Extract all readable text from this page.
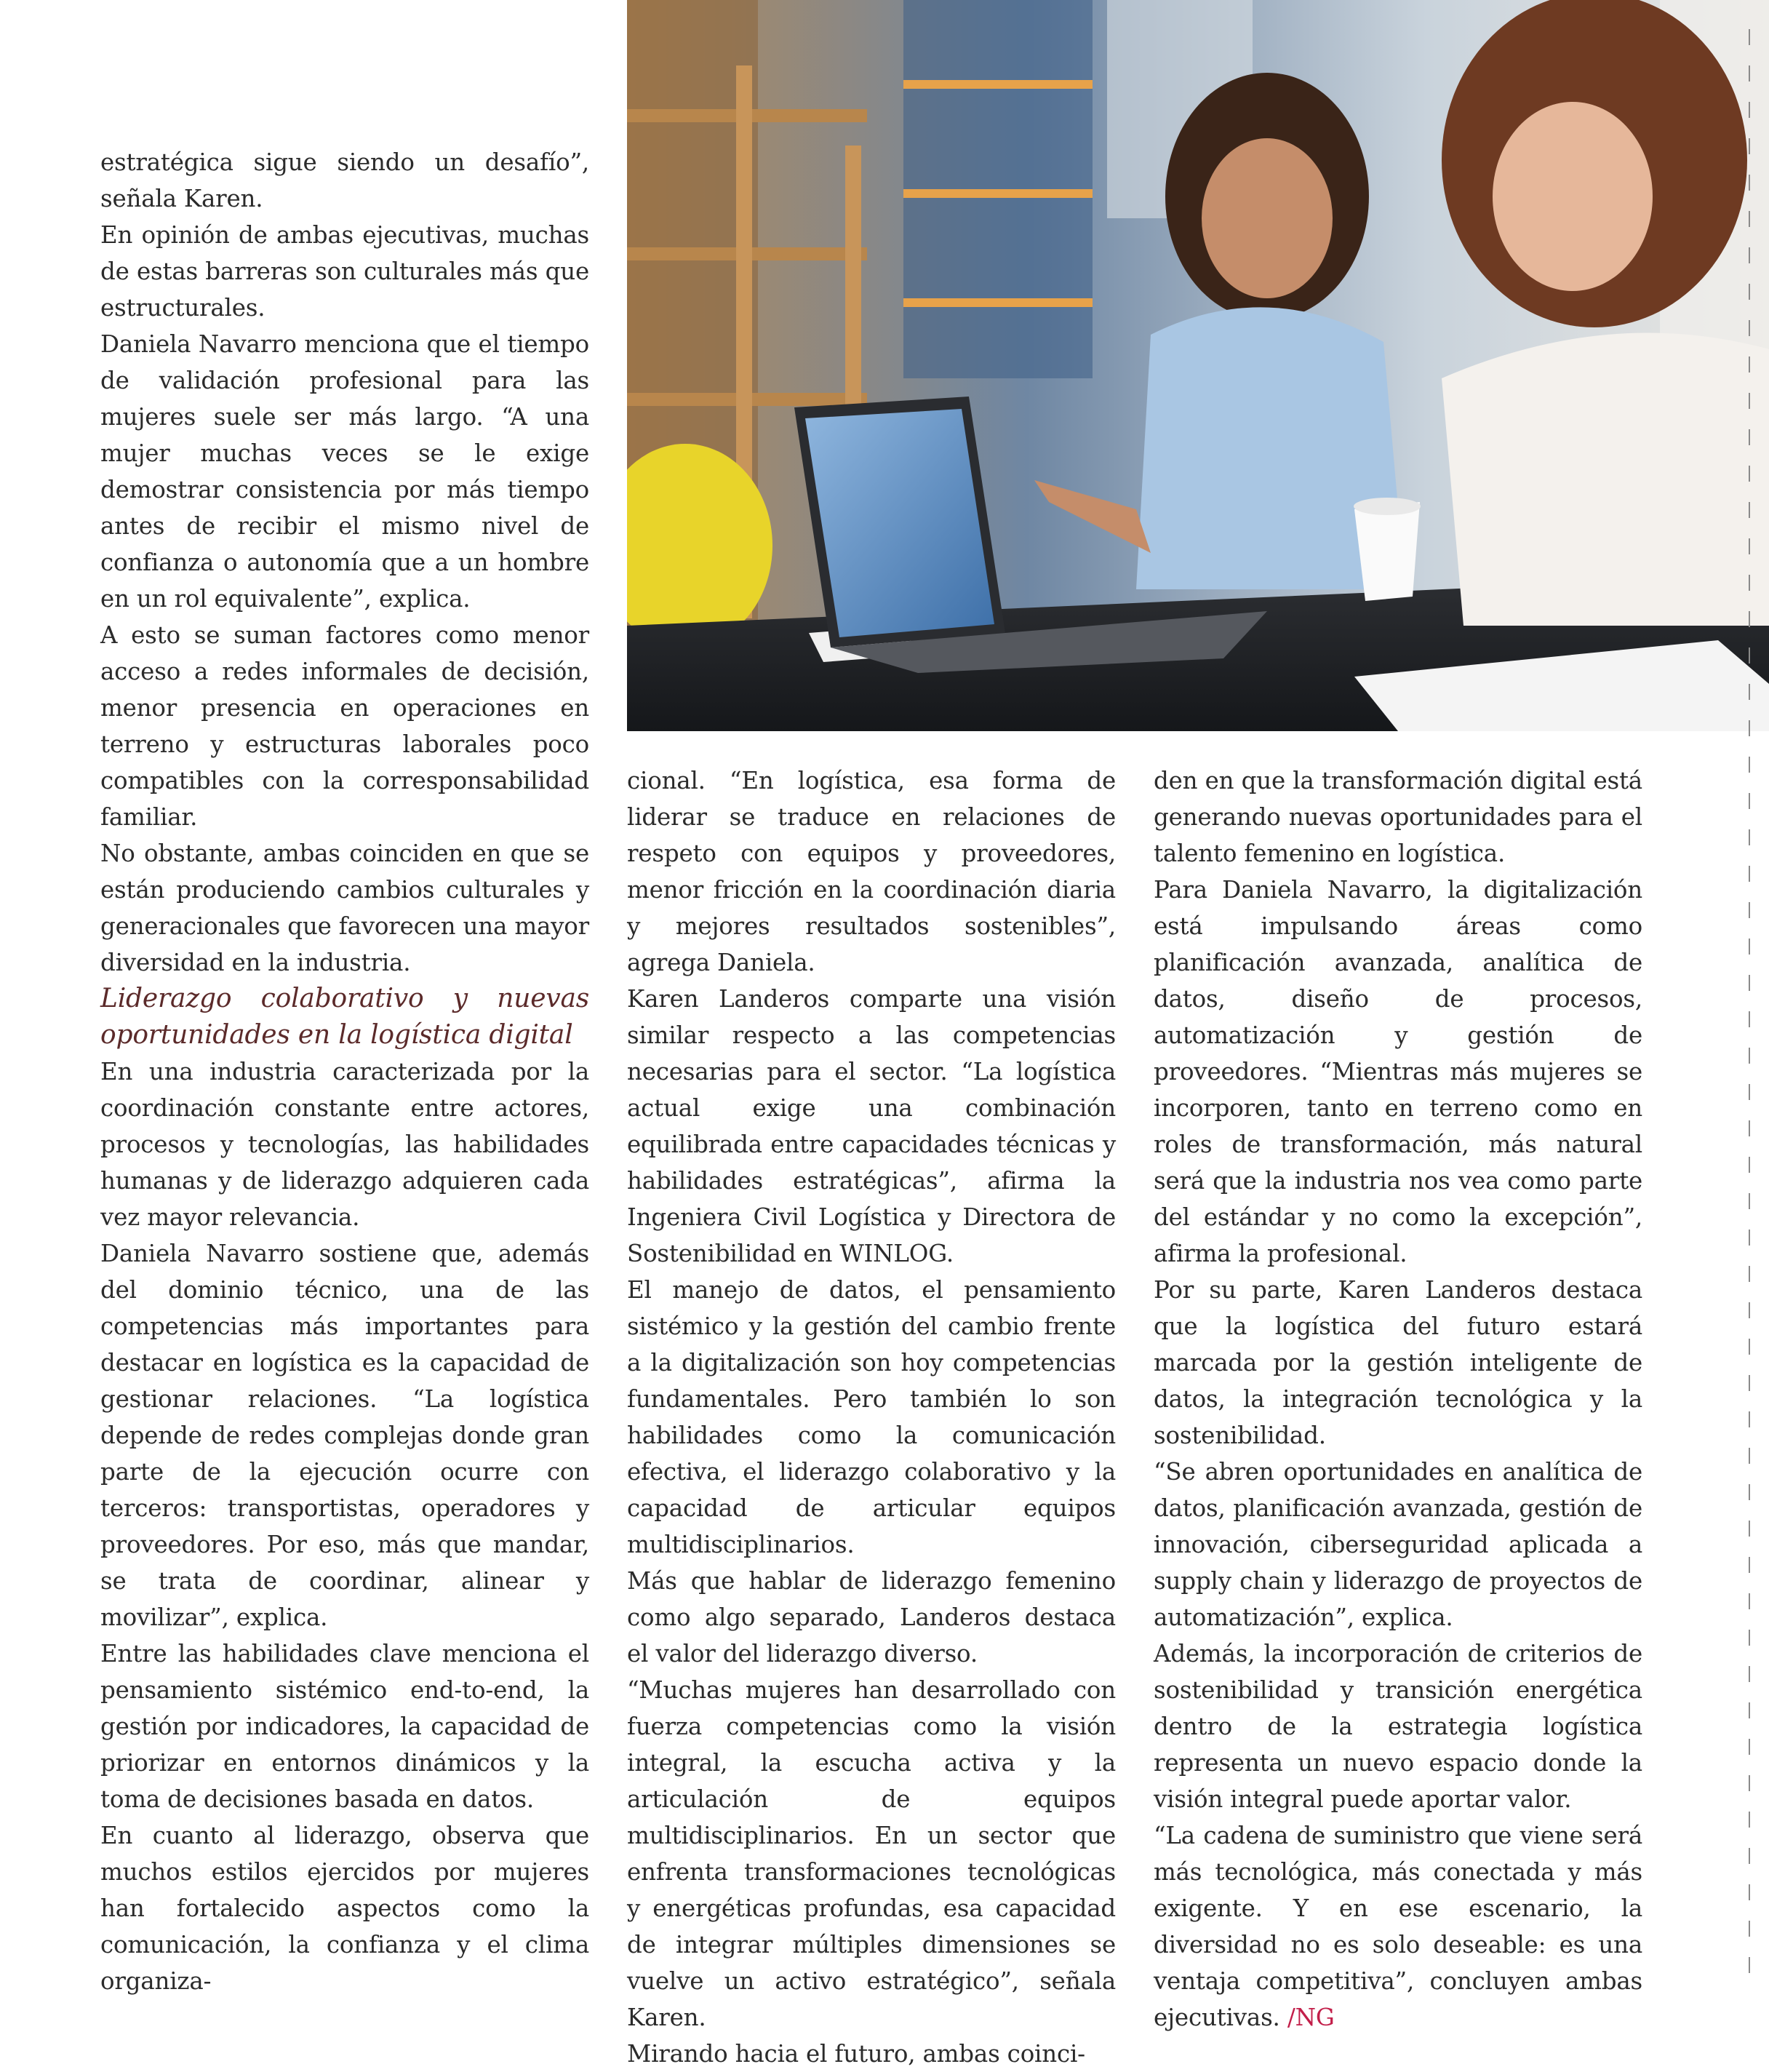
estratégica sigue siendo un desafío”, señala Karen.

En opinión de ambas ejecutivas, muchas de estas barreras son culturales más que estructurales.

Daniela Navarro menciona que el tiempo de validación profesional para las mujeres suele ser más largo. “A una mujer muchas veces se le exige demostrar consistencia por más tiempo antes de recibir el mismo nivel de confianza o autonomía que a un hombre en un rol equivalente”, explica.

A esto se suman factores como menor acceso a redes informales de decisión, menor presencia en operaciones en terreno y estructuras laborales poco compatibles con la corresponsabilidad familiar.

No obstante, ambas coinciden en que se están produciendo cambios culturales y generacionales que favorecen una mayor diversidad en la industria.

Liderazgo colaborativo y nuevas oportunidades en la logística digital

En una industria caracterizada por la coordinación constante entre actores, procesos y tecnologías, las habilidades humanas y de liderazgo adquieren cada vez mayor relevancia.

Daniela Navarro sostiene que, además del dominio técnico, una de las competencias más importantes para destacar en logística es la capacidad de gestionar relaciones. “La logística depende de redes complejas donde gran parte de la ejecución ocurre con terceros: transportistas, operadores y proveedores. Por eso, más que mandar, se trata de coordinar, alinear y movilizar”, explica.

Entre las habilidades clave menciona el pensamiento sistémico end-to-end, la gestión por indicadores, la capacidad de priorizar en entornos dinámicos y la toma de decisiones basada en datos.

En cuanto al liderazgo, observa que muchos estilos ejercidos por mujeres han fortalecido aspectos como la comunicación, la confianza y el clima organiza-

cional. “En logística, esa forma de liderar se traduce en relaciones de respeto con equipos y proveedores, menor fricción en la coordinación diaria y mejores resultados sostenibles”, agrega Daniela.

Karen Landeros comparte una visión similar respecto a las competencias necesarias para el sector. “La logística actual exige una combinación equilibrada entre capacidades técnicas y habilidades estratégicas”, afirma la Ingeniera Civil Logística y Directora de Sostenibilidad en WINLOG.

El manejo de datos, el pensamiento sistémico y la gestión del cambio frente a la digitalización son hoy competencias fundamentales. Pero también lo son habilidades como la comunicación efectiva, el liderazgo colaborativo y la capacidad de articular equipos multidisciplinarios.

Más que hablar de liderazgo femenino como algo separado, Landeros destaca el valor del liderazgo diverso.

“Muchas mujeres han desarrollado con fuerza competencias como la visión integral, la escucha activa y la articulación de equipos multidisciplinarios. En un sector que enfrenta transformaciones tecnológicas y energéticas profundas, esa capacidad de integrar múltiples dimensiones se vuelve un activo estratégico”, señala Karen.

Mirando hacia el futuro, ambas coinci-

den en que la transformación digital está generando nuevas oportunidades para el talento femenino en logística.

Para Daniela Navarro, la digitalización está impulsando áreas como planificación avanzada, analítica de datos, diseño de procesos, automatización y gestión de proveedores. “Mientras más mujeres se incorporen, tanto en terreno como en roles de transformación, más natural será que la industria nos vea como parte del estándar y no como la excepción”, afirma la profesional.

Por su parte, Karen Landeros destaca que la logística del futuro estará marcada por la gestión inteligente de datos, la integración tecnológica y la sostenibilidad.

“Se abren oportunidades en analítica de datos, planificación avanzada, gestión de innovación, ciberseguridad aplicada a supply chain y liderazgo de proyectos de automatización”, explica.

Además, la incorporación de criterios de sostenibilidad y transición energética dentro de la estrategia logística representa un nuevo espacio donde la visión integral puede aportar valor.

“La cadena de suministro que viene será más tecnológica, más conectada y más exigente. Y en ese escenario, la diversidad no es solo deseable: es una ventaja competitiva”, concluyen ambas ejecutivas. /NG
